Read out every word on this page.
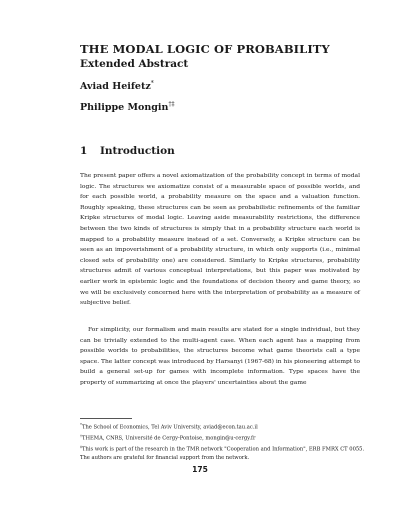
THE MODAL LOGIC OF PROBABILITY
Extended Abstract
Aviad Heifetz*
Philippe Mongin†‡
1 Introduction
The present paper offers a novel axiomatization of the probability concept in terms of modal logic. The structures we axiomatize consist of a measurable space of possible worlds, and for each possible world, a probability measure on the space and a valuation function. Roughly speaking, these structures can be seen as probabilistic refinements of the familiar Kripke structures of modal logic. Leaving aside measurability restrictions, the difference between the two kinds of structures is simply that in a probability structure each world is mapped to a probability measure instead of a set. Conversely, a Kripke structure can be seen as an impoverishment of a probability structure, in which only supports (i.e., minimal closed sets of probability one) are considered. Similarly to Kripke structures, probability structures admit of various conceptual interpretations, but this paper was motivated by earlier work in epistemic logic and the foundations of decision theory and game theory, so we will be exclusively concerned here with the interpretation of probability as a measure of subjective belief.
For simplicity, our formalism and main results are stated for a single individual, but they can be trivially extended to the multi-agent case. When each agent has a mapping from possible worlds to probabilities, the structures become what game theorists call a type space. The latter concept was introduced by Harsanyi (1967-68) in his pioneering attempt to build a general set-up for games with incomplete information. Type spaces have the property of summarizing at once the players' uncertainties about the game
*The School of Economics, Tel Aviv University, aviad@econ.tau.ac.il
†THEMA, CNRS, Université de Cergy-Pontoise, mongin@u-cergy.fr
‡This work is part of the research in the TMR network "Cooperation and Information", ERB FMRX CT 0055. The authors are grateful for financial support from the network.
175
